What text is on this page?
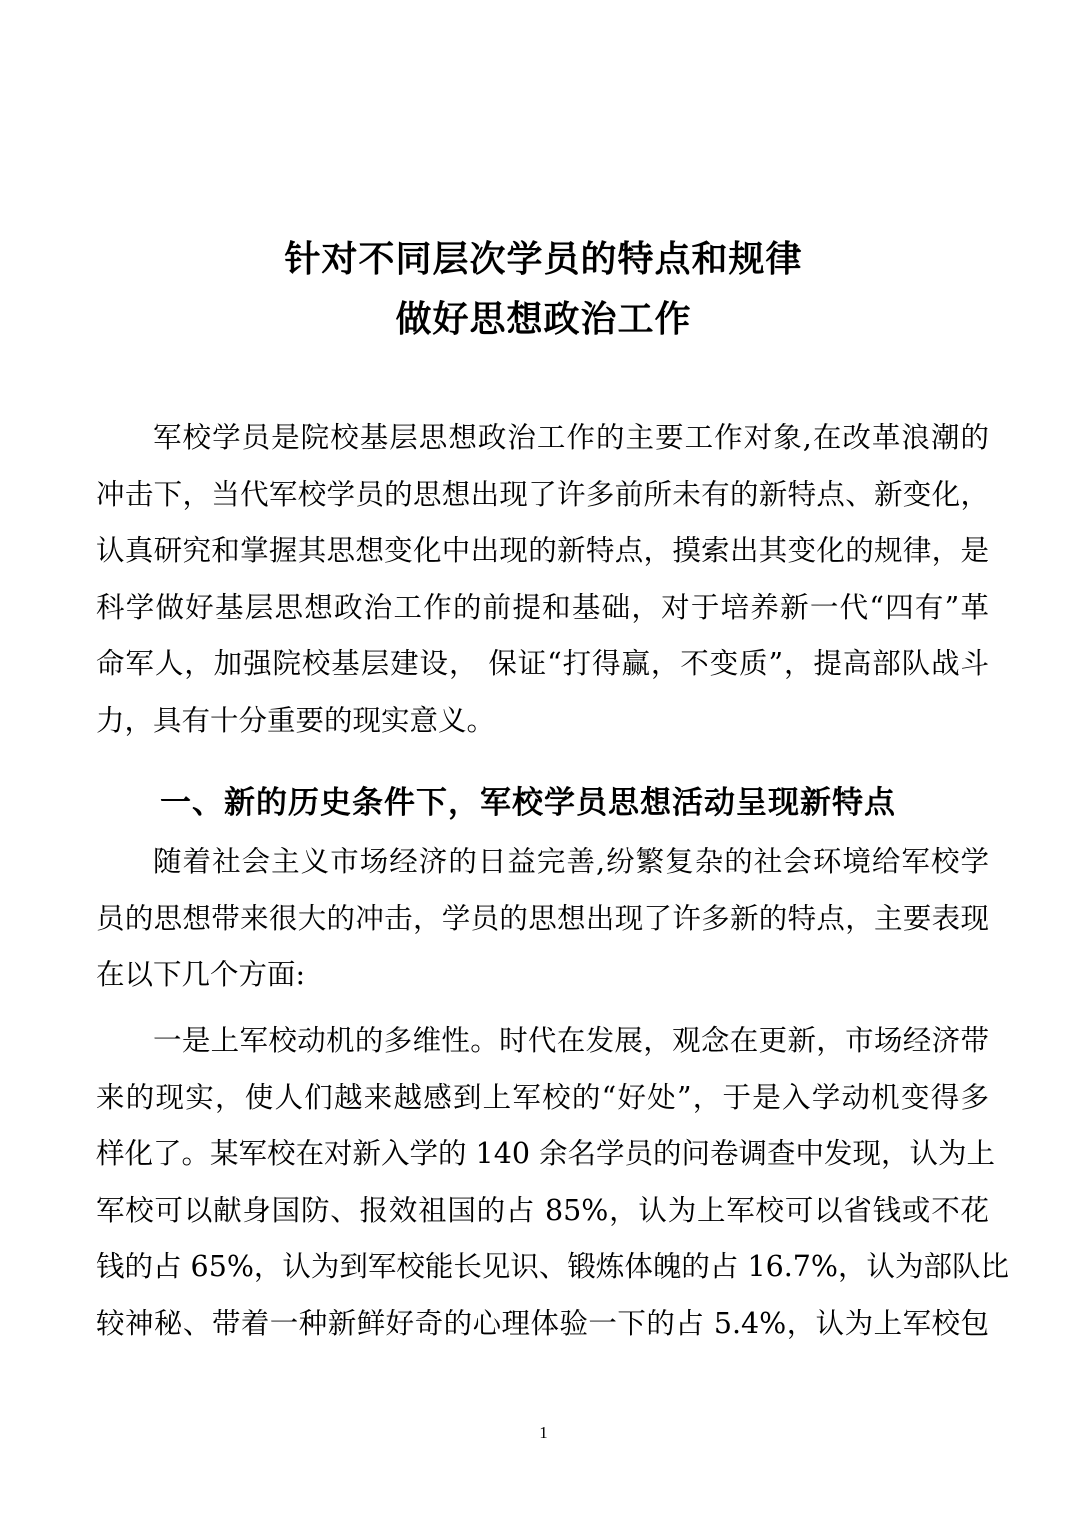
针对不同层次学员的特点和规律
做好思想政治工作
军校学员是院校基层思想政治工作的主要工作对象,在改革浪潮的
冲击下，当代军校学员的思想出现了许多前所未有的新特点、新变化，
认真研究和掌握其思想变化中出现的新特点，摸索出其变化的规律，是
科学做好基层思想政治工作的前提和基础，对于培养新一代“四有”革
命军人，加强院校基层建设， 保证“打得赢，不变质”，提高部队战斗
力，具有十分重要的现实意义。
一、新的历史条件下，军校学员思想活动呈现新特点
随着社会主义市场经济的日益完善,纷繁复杂的社会环境给军校学
员的思想带来很大的冲击，学员的思想出现了许多新的特点，主要表现
在以下几个方面:
一是上军校动机的多维性。时代在发展，观念在更新，市场经济带
来的现实，使人们越来越感到上军校的“好处”，于是入学动机变得多
样化了。某军校在对新入学的 140 余名学员的问卷调查中发现，认为上
军校可以献身国防、报效祖国的占 85%，认为上军校可以省钱或不花
钱的占 65%，认为到军校能长见识、锻炼体魄的占 16.7%，认为部队比
较神秘、带着一种新鲜好奇的心理体验一下的占 5.4%，认为上军校包
1
